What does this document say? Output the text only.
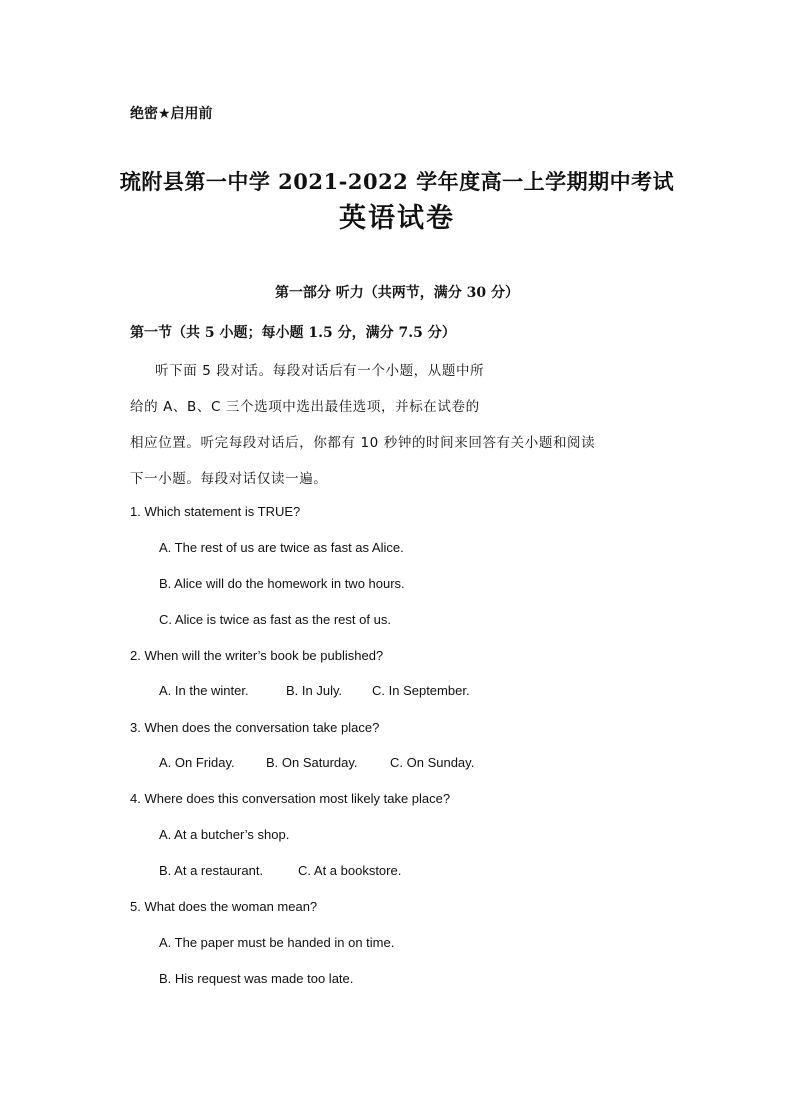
绝密★启用前
琉附县第一中学 2021-2022 学年度高一上学期期中考试
英语试卷
第一部分 听力（共两节，满分 30 分）
第一节（共 5 小题；每小题 1.5 分，满分 7.5 分）
听下面 5 段对话。每段对话后有一个小题，从题中所
给的 A、B、C 三个选项中选出最佳选项，并标在试卷的
相应位置。听完每段对话后，你都有 10 秒钟的时间来回答有关小题和阅读
下一小题。每段对话仅读一遍。
1. Which statement is TRUE?
A. The rest of us are twice as fast as Alice.
B. Alice will do the homework in two hours.
C. Alice is twice as fast as the rest of us.
2. When will the writer’s book be published?
A. In the winter.	B. In July. C. In September.
3. When does the conversation take place?
A. On Friday. B. On Saturday. C. On Sunday.
4. Where does this conversation most likely take place?
A. At a butcher’s shop.
B. At a restaurant.	C. At a bookstore.
5. What does the woman mean?
A. The paper must be handed in on time.
B. His request was made too late.
